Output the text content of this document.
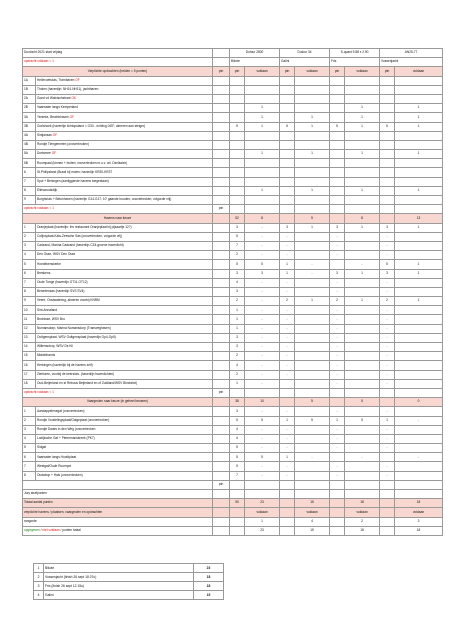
Duotocht 2021 start vrijdag			Dufour 2800		Dufour 34		S-quant 9.88 x 2.90		AN25-77	
opdracht voldaan = 1			Bikote		Galini		Fris		Vossenjacht	
Verplichte opdrachten (beiden = 5 punten)		ptn	ptn	voldaan	ptn	voldaan	ptn	voldaan	ptn	voldaan
1A	Hellevoetsluis, Trambaven OF									
1B	Tholen (havenlijn: NH14-NH11), jachthaven									
2A	Goed vd Walvischstrant OK									
2B	Vaarwater langs Kemperland			1				1		1
3A	Yerseke, Beatrixhaven OF			1		1		1		1
3B	Gorishoek (havenlijn lichtopstand = O34 - richting 045°; almeren aan steiger)		5	1	5	1	5	1	5	1
4A	Sintjansas OF									
4B	Rondje Tiengemeten (onoverbroken)									
5A	Dortsmee OF			1		1		1		1
5B	Roompaal (binnen + buiten; onoverbroken m.u.v. ort. Dzelkaize)									
6	St.Philipsland (Brawl bij molen; havenlijn KR30-KR37									
7	Spui + Beningen (aanliggende havens toegestaan)									
8	Elleswoutsdijk			1		1		1		1
9	Burghsluis + Betonhaven (havenlijn G14-G17; 10' gaande houden; onoverbroken; volgorde vrij)									
opdracht voldaan = 1		ptn								
Havens naar keuze			52	8		5		8		13
1	Oranjeplaat (havenlijn: thv restaurant Oranjeplaat bij pijsaartje 12?)		3	-	3	1	3	1	3	1
2	Colijnsplaat-Kats-Zeesche Sas (onoverbroken, volgorde vrij)		5	-	-		-		-	
3	Cadzand, Marina Cadzand (havenlijn CZ4-groene havenlicht)		7	-	-		-		-	
4	Den Osse, WSV Den Osse		2	-	-		-		-	
5	Hoedekenskerke		5	5	1	-		-	5	1
6	Breskens		3	3	1	-	3	1	3	1
7	Oude Tonge (havenlijn OT11-OT12)		4	-	-		-		-	
8	Benedensas (havenlijn SVS SV4)		3	-	-		-		-	
9	Veere, Oostwatering, almeren voorbij KNRM		2	-	2	1	2	1	2	1
10	Sint-Annaland		1	-	-		-		-	
11	Bruinisse, WSV Bru		1	-	-		-		-	
12	Numansdorp, Marina Numansdorp (Tramweghaven)		1	-	-		-		-	
13	Ooltgensplaat, WSV Ooltgensplaat (havenlijn Op4-Op5)		3	-	-		-		-	
14	Willemsdorp, WSV De Kil		3	-	-		-		-	
15	Middelharnis		2	-	-		-		-	
16	Herkingen (havenlijn bij de havens zelf)		4	-	-		-		-	
17	Zierikzee, voorbij de keersluis. (havenlijn havenlichten)		2	-	-		-		-	
18	Oud-Beijerland en st Rebuus Beijerland en of Zuidland/WSV Binckelot)		1	-			-		-	
opdracht voldaan = 1		ptn								
Vaargeulen naar keuze (in geheel bevaren)			38	10		5		5		0
1	Aandappelenegat (onoverbroken)		3	-	-		-		-	
2	Rondje Vondelingsplaat/Galgeplaat (onoverbroken)		5	5	1	5	1	5	1	-
3	Rondje Dwars in den Weg (onoverbroken		4	-	-		-		-	
4	Lodijksche Gat + Pietermanskreek (PK7)		4	-	-		-		-	
5	Sidgat		5	-	-		-		-	
6	Vaarwater langs Hoofdplaat		5	5	1	-		-		-
7	Westgat/Oude Roompot		5	-	-		-		-	
8	Oudabop + Hals (onoverbroken)		7	-	-		-		-	
		ptn								
Jury strafpunten										
Totaal aantal punten			90	23		15		18		18
verplichte havens / plaatsen, vaargeulen en opdrachten				voldaan		voldaan		voldaan		voldaan
rangorde				1		4		2		3
opgegeven / niet voldaan / punten totaal				23		15		18		18
1	Bikote	23
2	Vossenjacht (finish 26 sept 18.07u)	18
3	Fris (finish 26 sept 12.15u)	18
4	Galini	15
